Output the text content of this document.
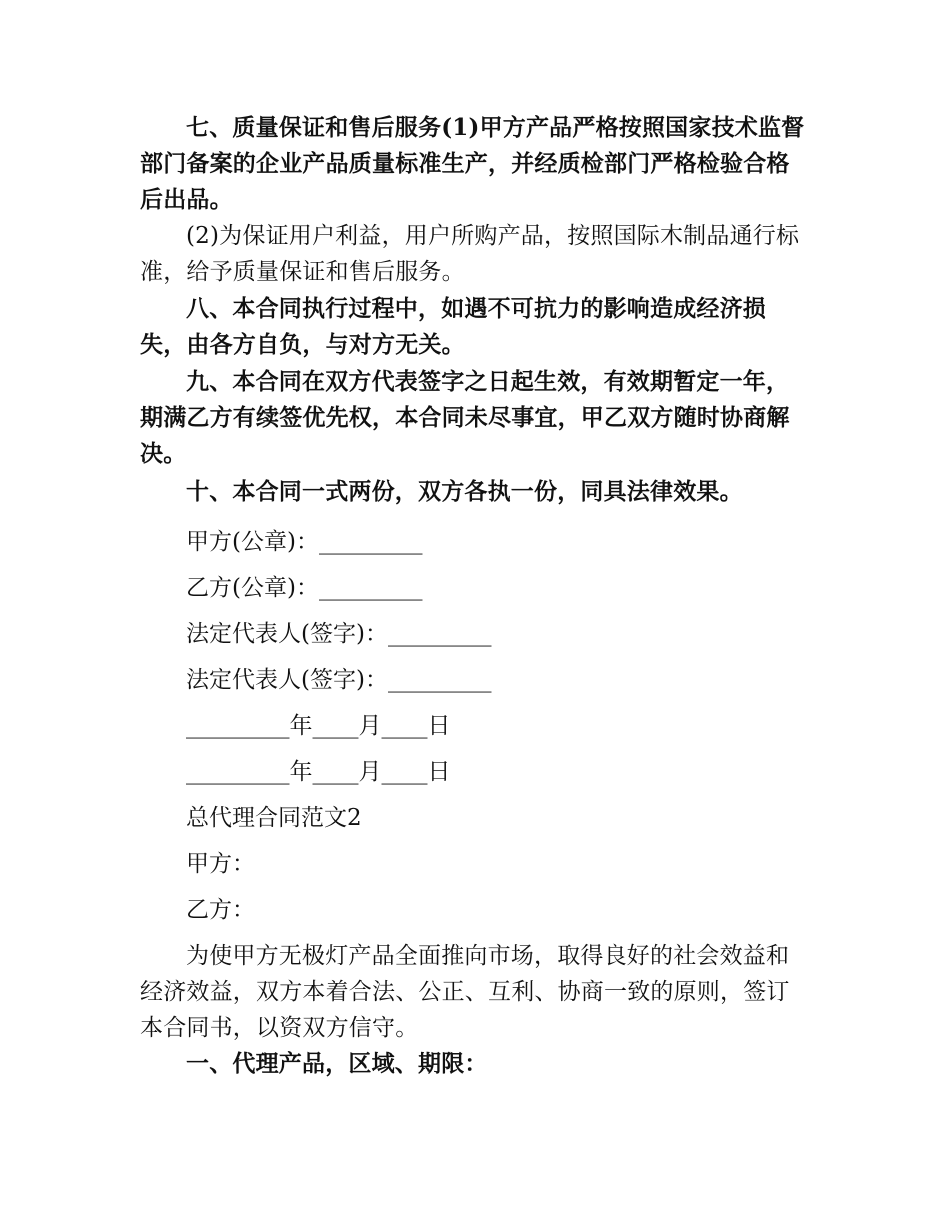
七、质量保证和售后服务(1)甲方产品严格按照国家技术监督部门备案的企业产品质量标准生产，并经质检部门严格检验合格后出品。
(2)为保证用户利益，用户所购产品，按照国际木制品通行标准，给予质量保证和售后服务。
八、本合同执行过程中，如遇不可抗力的影响造成经济损失，由各方自负，与对方无关。
九、本合同在双方代表签字之日起生效，有效期暂定一年，期满乙方有续签优先权，本合同未尽事宜，甲乙双方随时协商解决。
十、本合同一式两份，双方各执一份，同具法律效果。
甲方(公章)：_________
乙方(公章)：_________
法定代表人(签字)：_________
法定代表人(签字)：_________
_________年____月____日
_________年____月____日
总代理合同范文2
甲方：
乙方：
为使甲方无极灯产品全面推向市场，取得良好的社会效益和经济效益，双方本着合法、公正、互利、协商一致的原则，签订本合同书，以资双方信守。
一、代理产品，区域、期限：
